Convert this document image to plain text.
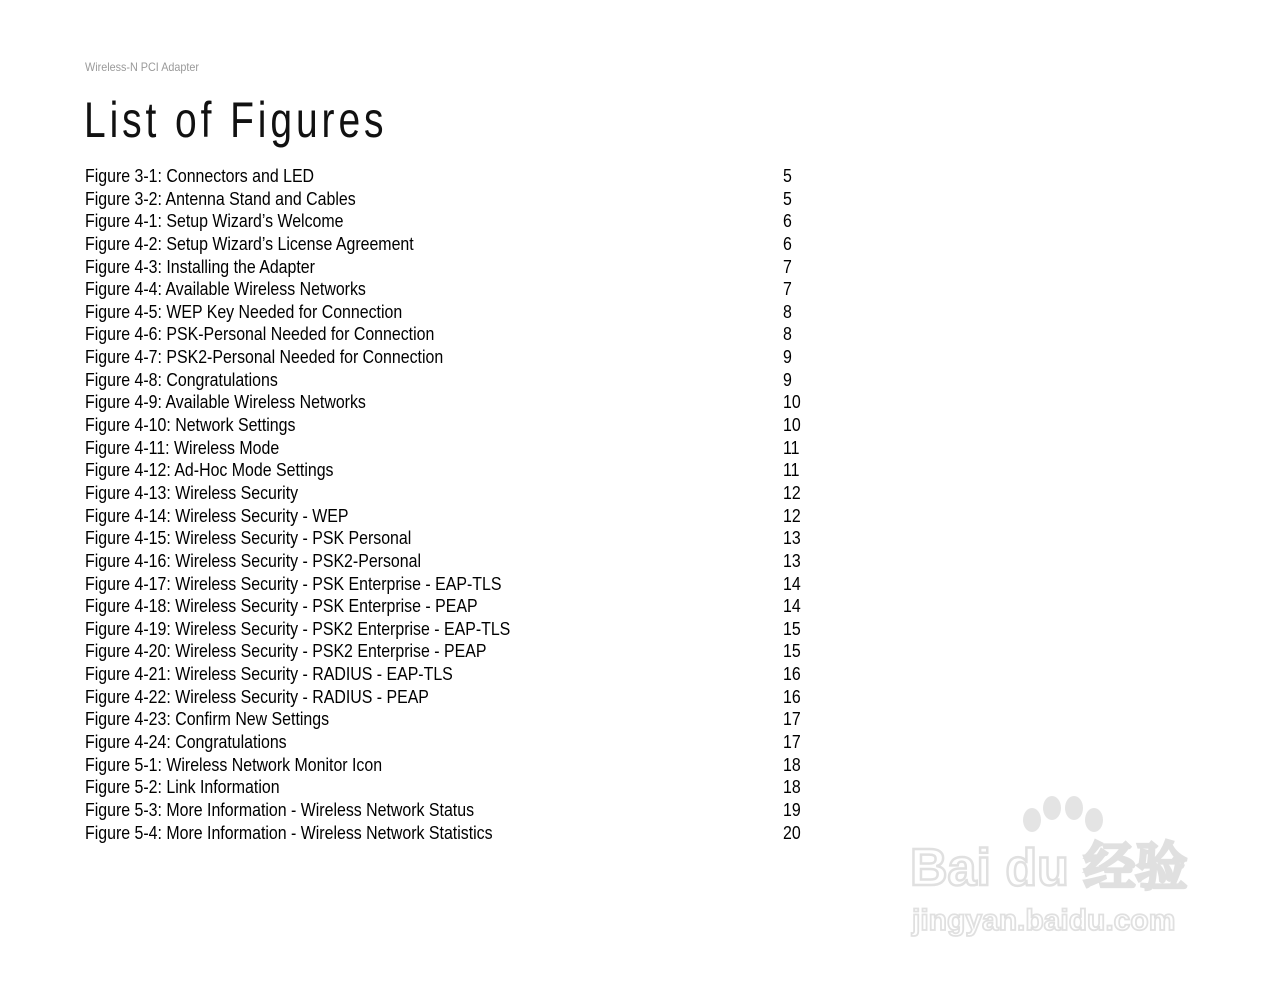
Wireless-N PCI Adapter
List of Figures
Figure 3-1: Connectors and LED	5
Figure 3-2: Antenna Stand and Cables	5
Figure 4-1: Setup Wizard’s Welcome	6
Figure 4-2: Setup Wizard’s License Agreement	6
Figure 4-3: Installing the Adapter	7
Figure 4-4: Available Wireless Networks	7
Figure 4-5: WEP Key Needed for Connection	8
Figure 4-6: PSK-Personal Needed for Connection	8
Figure 4-7: PSK2-Personal Needed for Connection	9
Figure 4-8: Congratulations	9
Figure 4-9: Available Wireless Networks	10
Figure 4-10: Network Settings	10
Figure 4-11: Wireless Mode	11
Figure 4-12: Ad-Hoc Mode Settings	11
Figure 4-13: Wireless Security	12
Figure 4-14: Wireless Security - WEP	12
Figure 4-15: Wireless Security - PSK Personal	13
Figure 4-16: Wireless Security - PSK2-Personal	13
Figure 4-17: Wireless Security - PSK Enterprise - EAP-TLS	14
Figure 4-18: Wireless Security - PSK Enterprise - PEAP	14
Figure 4-19: Wireless Security - PSK2 Enterprise - EAP-TLS	15
Figure 4-20: Wireless Security - PSK2 Enterprise - PEAP	15
Figure 4-21: Wireless Security - RADIUS - EAP-TLS	16
Figure 4-22: Wireless Security - RADIUS - PEAP	16
Figure 4-23: Confirm New Settings	17
Figure 4-24: Congratulations	17
Figure 5-1: Wireless Network Monitor Icon	18
Figure 5-2: Link Information	18
Figure 5-3: More Information - Wireless Network Status	19
Figure 5-4: More Information - Wireless Network Statistics	20
Bai du 经验
jingyan.baidu.com
